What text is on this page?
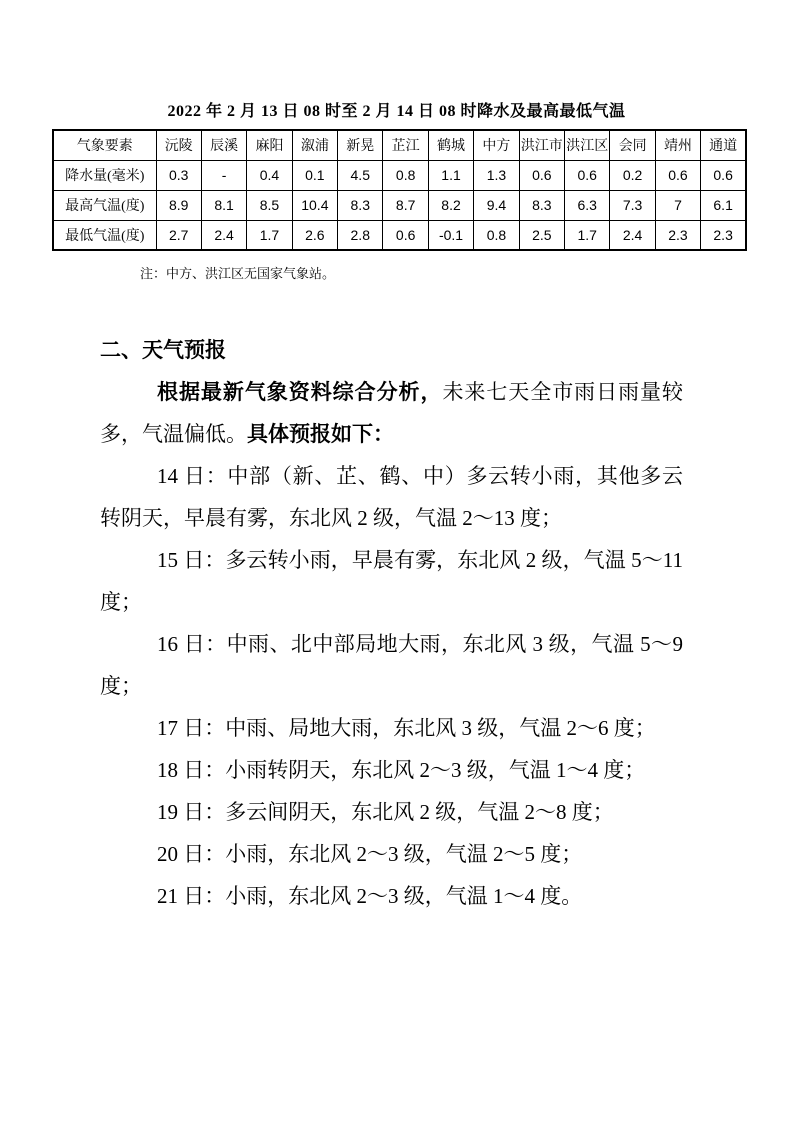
2022 年 2 月 13 日 08 时至 2 月 14 日 08 时降水及最高最低气温
气象要素	沅陵	辰溪	麻阳	溆浦	新晃	芷江	鹤城	中方	洪江市	洪江区	会同	靖州	通道
降水量(毫米)	0.3	-	0.4	0.1	4.5	0.8	1.1	1.3	0.6	0.6	0.2	0.6	0.6
最高气温(度)	8.9	8.1	8.5	10.4	8.3	8.7	8.2	9.4	8.3	6.3	7.3	7	6.1
最低气温(度)	2.7	2.4	1.7	2.6	2.8	0.6	-0.1	0.8	2.5	1.7	2.4	2.3	2.3
注：中方、洪江区无国家气象站。
二、天气预报

根据最新气象资料综合分析，未来七天全市雨日雨量较多，气温偏低。具体预报如下：

14 日：中部（新、芷、鹤、中）多云转小雨，其他多云转阴天，早晨有雾，东北风 2 级，气温 2～13 度；

15 日：多云转小雨，早晨有雾，东北风 2 级，气温 5～11 度；

16 日：中雨、北中部局地大雨，东北风 3 级，气温 5～9 度；

17 日：中雨、局地大雨，东北风 3 级，气温 2～6 度；

18 日：小雨转阴天，东北风 2～3 级，气温 1～4 度；

19 日：多云间阴天，东北风 2 级，气温 2～8 度；

20 日：小雨，东北风 2～3 级，气温 2～5 度；

21 日：小雨，东北风 2～3 级，气温 1～4 度。
